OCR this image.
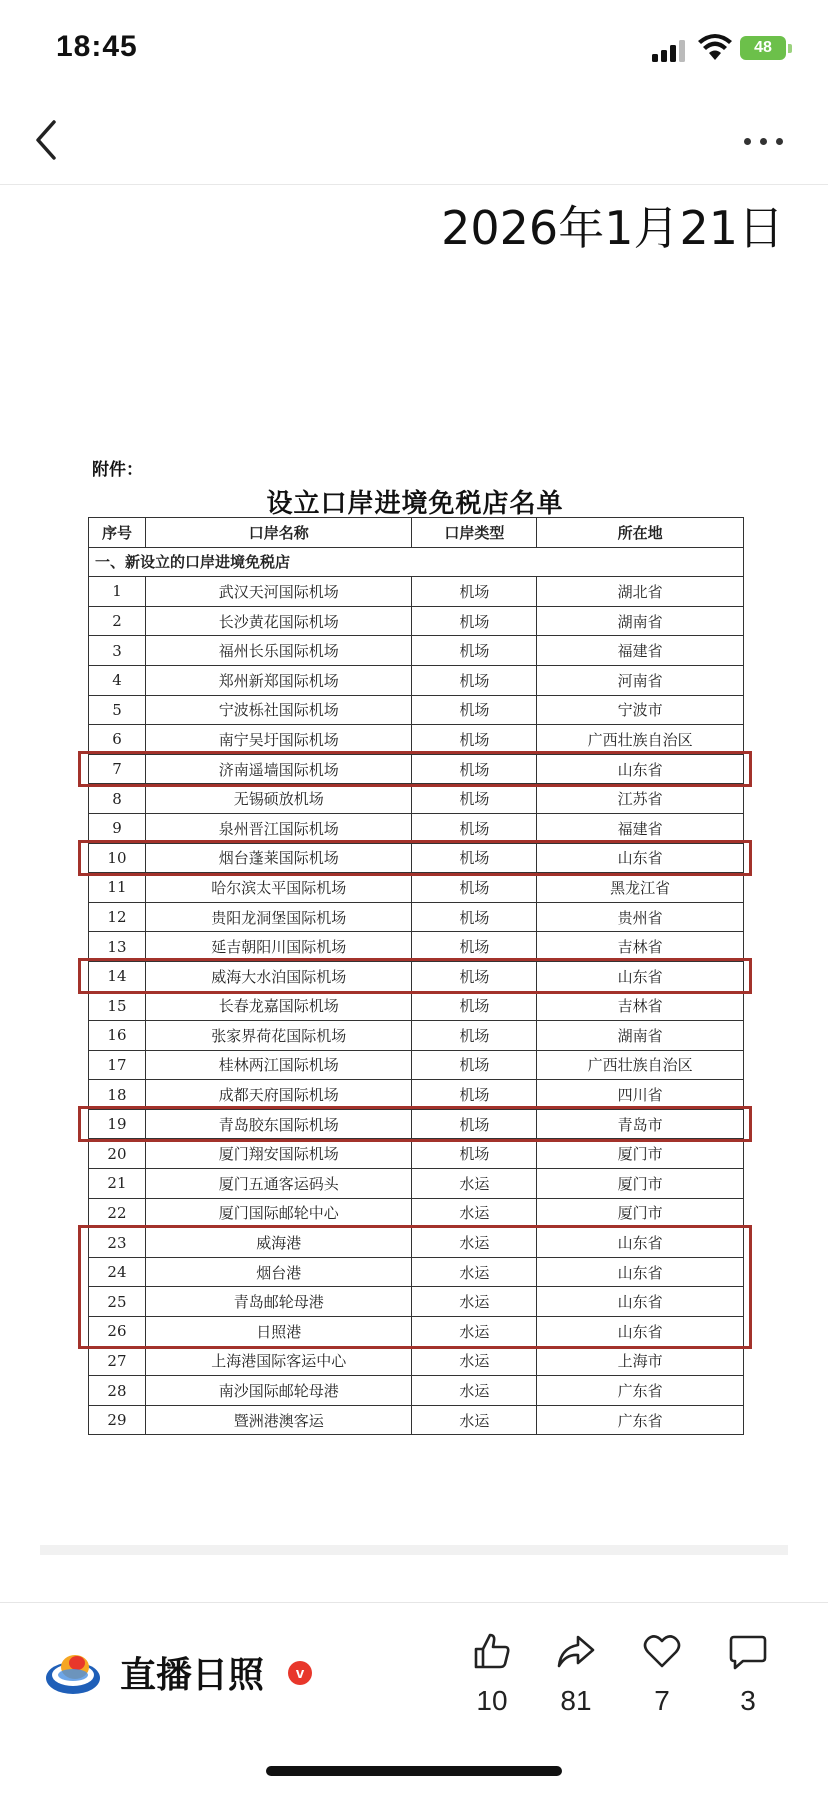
18:45	48
2026年1月21日
附件：
设立口岸进境免税店名单
序号	口岸名称	口岸类型	所在地
一、新设立的口岸进境免税店			
1	武汉天河国际机场	机场	湖北省
2	长沙黄花国际机场	机场	湖南省
3	福州长乐国际机场	机场	福建省
4	郑州新郑国际机场	机场	河南省
5	宁波栎社国际机场	机场	宁波市
6	南宁吴圩国际机场	机场	广西壮族自治区
7	济南遥墙国际机场	机场	山东省
8	无锡硕放机场	机场	江苏省
9	泉州晋江国际机场	机场	福建省
10	烟台蓬莱国际机场	机场	山东省
11	哈尔滨太平国际机场	机场	黑龙江省
12	贵阳龙洞堡国际机场	机场	贵州省
13	延吉朝阳川国际机场	机场	吉林省
14	威海大水泊国际机场	机场	山东省
15	长春龙嘉国际机场	机场	吉林省
16	张家界荷花国际机场	机场	湖南省
17	桂林两江国际机场	机场	广西壮族自治区
18	成都天府国际机场	机场	四川省
19	青岛胶东国际机场	机场	青岛市
20	厦门翔安国际机场	机场	厦门市
21	厦门五通客运码头	水运	厦门市
22	厦门国际邮轮中心	水运	厦门市
23	威海港	水运	山东省
24	烟台港	水运	山东省
25	青岛邮轮母港	水运	山东省
26	日照港	水运	山东省
27	上海港国际客运中心	水运	上海市
28	南沙国际邮轮母港	水运	广东省
29	暨洲港澳客运	水运	广东省
直播日照	v
10	81	7	3
